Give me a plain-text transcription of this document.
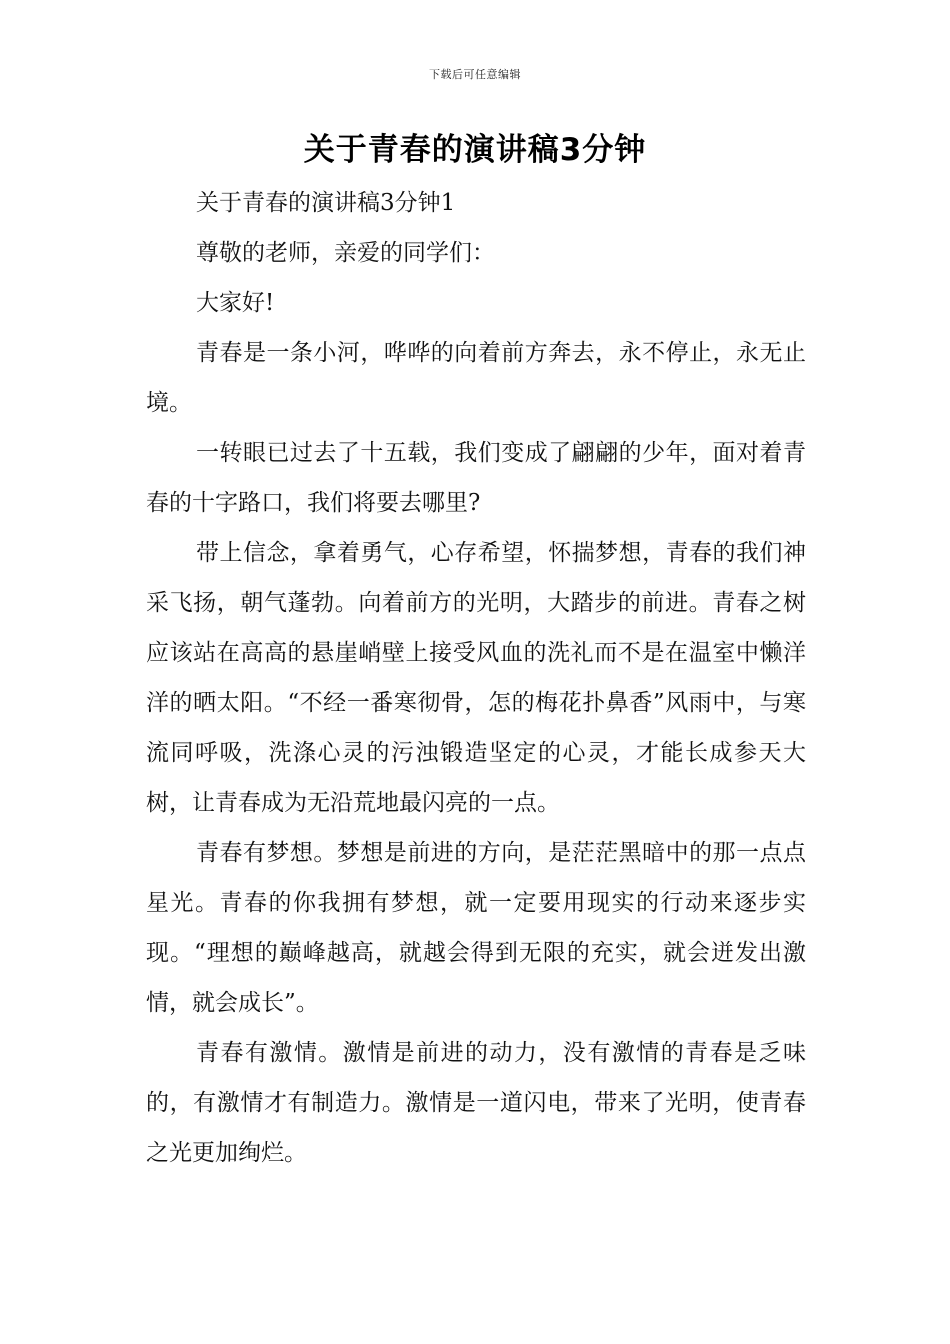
下载后可任意编辑
关于青春的演讲稿3分钟

关于青春的演讲稿3分钟1

尊敬的老师，亲爱的同学们：

大家好!

青春是一条小河，哗哗的向着前方奔去，永不停止，永无止境。

一转眼已过去了十五载，我们变成了翩翩的少年，面对着青春的十字路口，我们将要去哪里?

带上信念，拿着勇气，心存希望，怀揣梦想，青春的我们神采飞扬，朝气蓬勃。向着前方的光明，大踏步的前进。青春之树应该站在高高的悬崖峭壁上接受风血的洗礼而不是在温室中懒洋洋的晒太阳。“不经一番寒彻骨，怎的梅花扑鼻香”风雨中，与寒流同呼吸，洗涤心灵的污浊锻造坚定的心灵，才能长成参天大树，让青春成为无沿荒地最闪亮的一点。

青春有梦想。梦想是前进的方向，是茫茫黑暗中的那一点点星光。青春的你我拥有梦想，就一定要用现实的行动来逐步实现。“理想的巅峰越高，就越会得到无限的充实，就会迸发出激情，就会成长”。

青春有激情。激情是前进的动力，没有激情的青春是乏味的，有激情才有制造力。激情是一道闪电，带来了光明，使青春之光更加绚烂。
